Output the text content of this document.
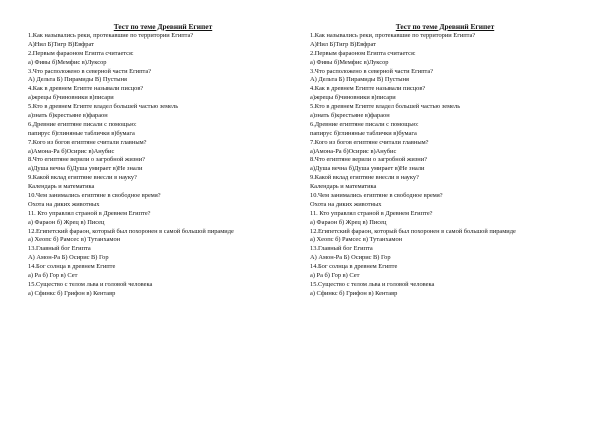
Тест по теме Древний Египет
1.Как назывались реки, протекавшие по территории Египта?
А)Нил Б)Тигр В)Евфрат
2.Первым фараоном Египта считается:
а) Фивы б)Мемфис в)Луксор
3.Что расположено в северной части Египта?
А) Дельта Б) Пирамиды В) Пустыня
4.Как в древнем Египте называли писцов?
а)жрецы б)чиновники в)писари
5.Кто в древнем Египте владел большей частью земель
а)знать б)крестьяне в)фараон
6.Древние египтяне писали с помощью:
папирус б)глиняные таблички в)бумага
7.Кого из богов египтяне считали главным?
а)Амона-Ра б)Осирис в)Анубис
8.Что египтяне верили о загробной жизни?
а)Душа вечна б)Душа умирает в)Не знали
9.Какой вклад египтяне внесли в науку?
Календарь и математика
10.Чем занимались египтяне в свободное время?
Охота на диких животных
11. Кто управлял страной в Древнем Египте?
а) Фараон б) Жрец в) Писец
12.Египетский фараон, который был похоронен в самой большой пирамиде
а) Хеопс б) Рамсес в) Тутанхамон
13.Главный бог Египта
А) Амон-Ра Б) Осирис В) Гор
14.Бог солнца в древнем Египте
а) Ра б) Гор в) Сет
15.Существо с телом льва и головой человека
а) Сфинкс б) Грифон в) Кентавр
Тест по теме Древний Египет
1.Как назывались реки, протекавшие по территории Египта?
А)Нил Б)Тигр В)Евфрат
2.Первым фараоном Египта считается:
а) Фивы б)Мемфис в)Луксор
3.Что расположено в северной части Египта?
А) Дельта Б) Пирамиды В) Пустыня
4.Как в древнем Египте называли писцов?
а)жрецы б)чиновники в)писари
5.Кто в древнем Египте владел большей частью земель
а)знать б)крестьяне в)фараон
6.Древние египтяне писали с помощью:
папирус б)глиняные таблички в)бумага
7.Кого из богов египтяне считали главным?
а)Амона-Ра б)Осирис в)Анубис
8.Что египтяне верили о загробной жизни?
а)Душа вечна б)Душа умирает в)Не знали
9.Какой вклад египтяне внесли в науку?
Календарь и математика
10.Чем занимались египтяне в свободное время?
Охота на диких животных
11. Кто управлял страной в Древнем Египте?
а) Фараон б) Жрец в) Писец
12.Египетский фараон, который был похоронен в самой большой пирамиде
а) Хеопс б) Рамсес в) Тутанхамон
13.Главный бог Египта
А) Амон-Ра Б) Осирис В) Гор
14.Бог солнца в древнем Египте
а) Ра б) Гор в) Сет
15.Существо с телом льва и головой человека
а) Сфинкс б) Грифон в) Кентавр
